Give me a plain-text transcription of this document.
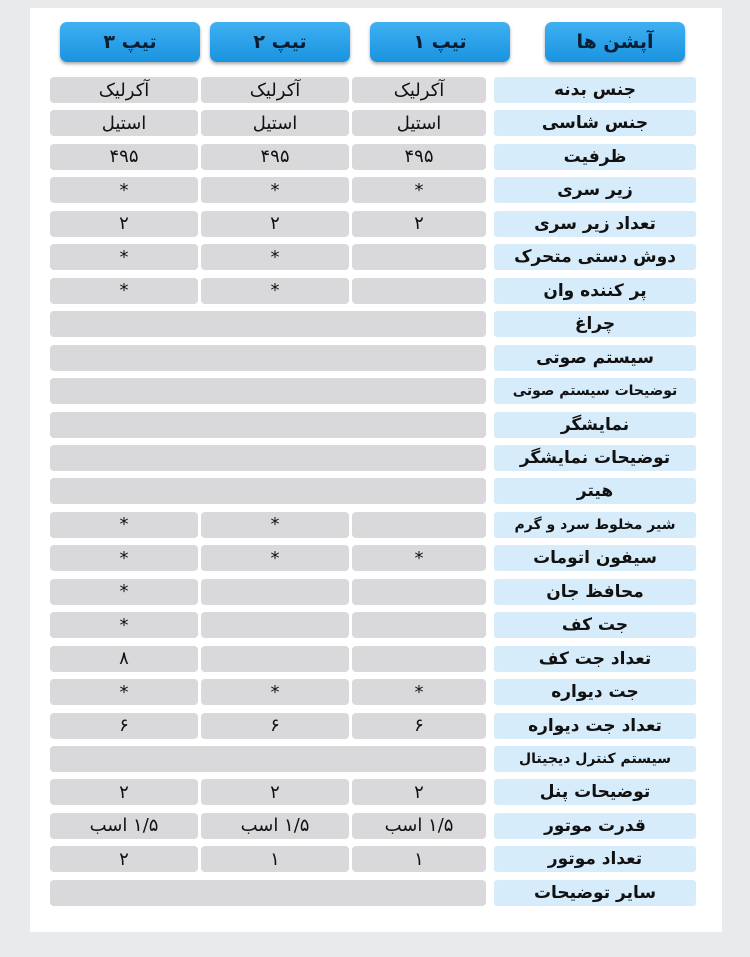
آپشن ها
تیپ ۱
تیپ ۲
تیپ ۳
جنس بدنه
آکرلیک
آکرلیک
آکرلیک
جنس شاسی
استیل
استیل
استیل
ظرفیت
۴۹۵
۴۹۵
۴۹۵
زیر سری
*
*
*
تعداد زیر سری
۲
۲
۲
دوش دستی متحرک
*
*
پر کننده وان
*
*
چراغ
سیستم صوتی
توضیحات سیستم صوتی
نمایشگر
توضیحات نمایشگر
هیتر
شیر مخلوط سرد و گرم
*
*
سیفون اتومات
*
*
*
محافظ جان
*
جت کف
*
تعداد جت کف
۸
جت دیواره
*
*
*
تعداد جت دیواره
۶
۶
۶
سیستم کنترل دیجیتال
توضیحات پنل
۲
۲
۲
قدرت موتور
۱/۵ اسب
۱/۵ اسب
۱/۵ اسب
تعداد موتور
۱
۱
۲
سایر توضیحات
